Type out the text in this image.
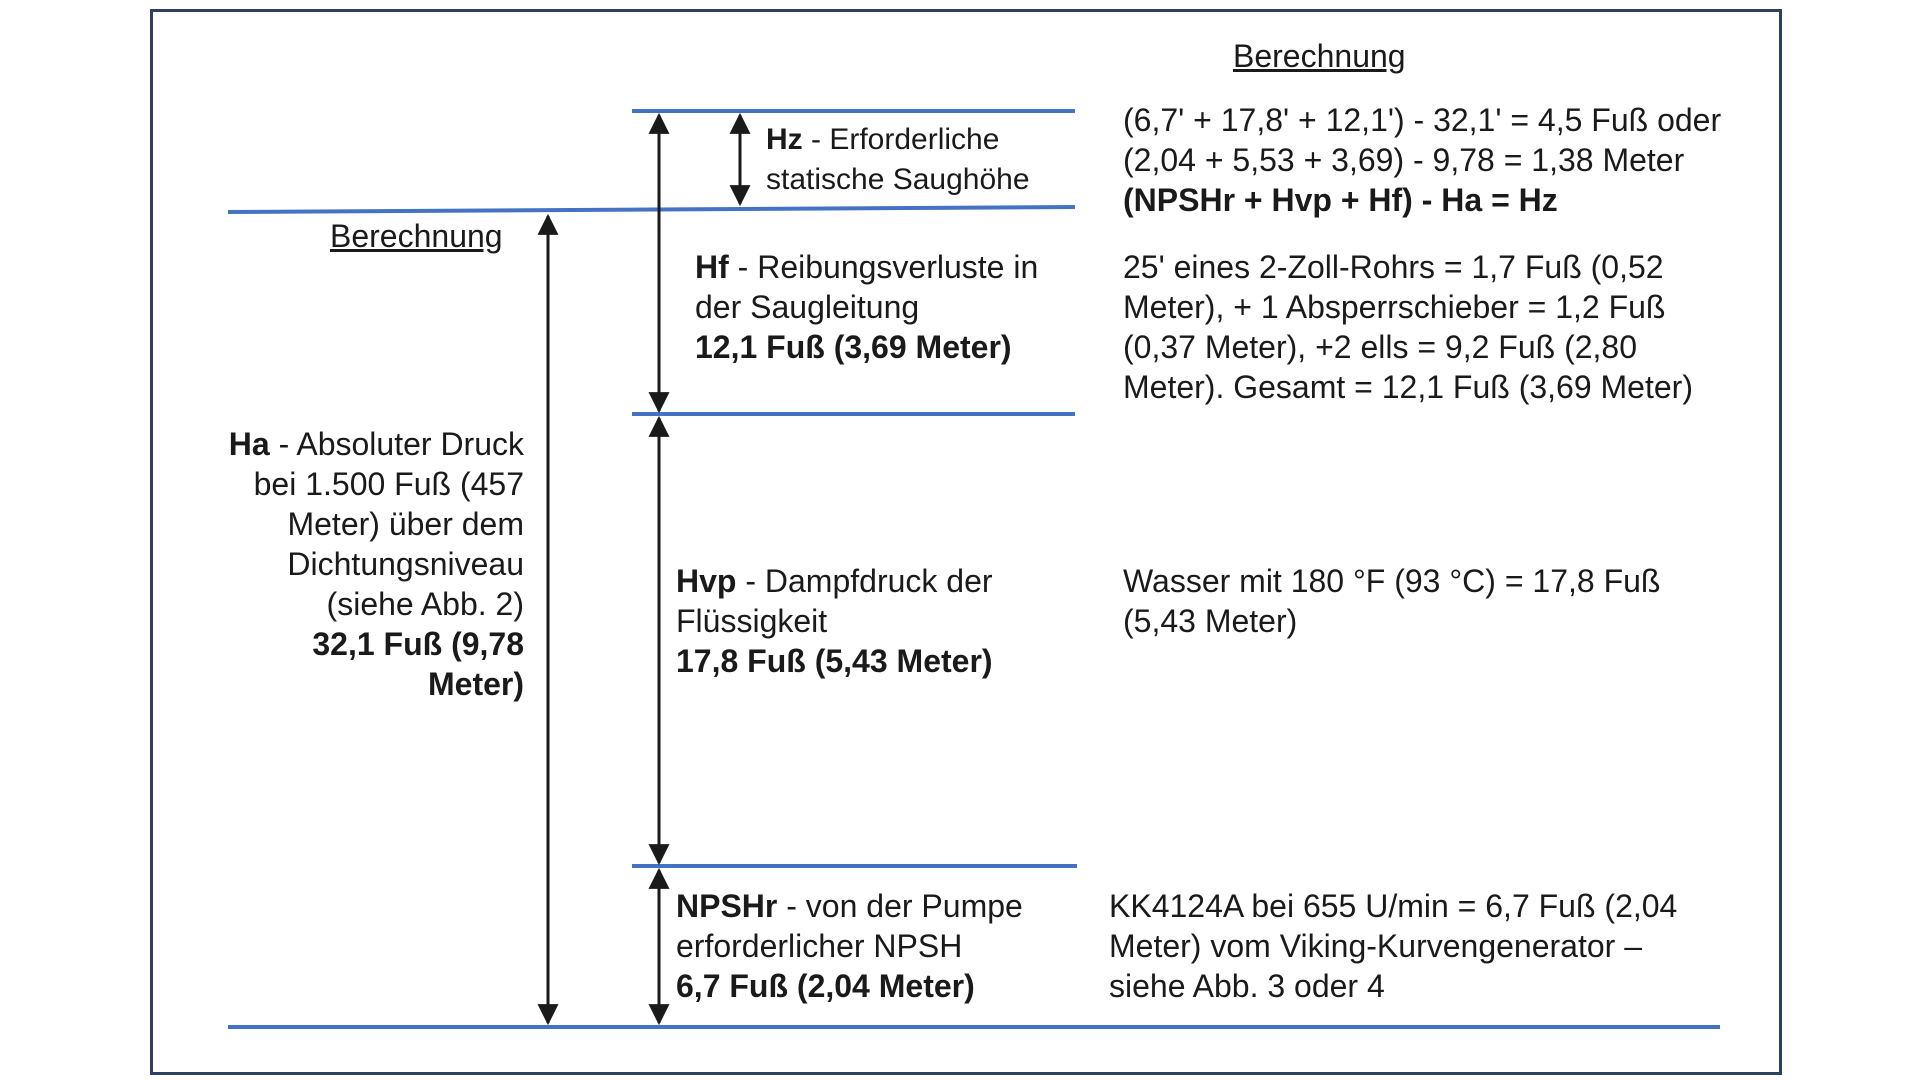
Berechnung
Berechnung
Hz - Erforderliche
statische Saughöhe
(6,7' + 17,8' + 12,1') - 32,1' = 4,5 Fuß oder
(2,04 + 5,53 + 3,69) - 9,78 = 1,38 Meter
(NPSHr + Hvp + Hf) - Ha = Hz
Hf - Reibungsverluste in
der Saugleitung
12,1 Fuß (3,69 Meter)
25' eines 2-Zoll-Rohrs = 1,7 Fuß (0,52
Meter), + 1 Absperrschieber = 1,2 Fuß
(0,37 Meter), +2 ells = 9,2 Fuß (2,80
Meter). Gesamt = 12,1 Fuß (3,69 Meter)
Ha - Absoluter Druck
bei 1.500 Fuß (457
Meter) über dem
Dichtungsniveau
(siehe Abb. 2)
32,1 Fuß (9,78
Meter)
Hvp - Dampfdruck der
Flüssigkeit
17,8 Fuß (5,43 Meter)
Wasser mit 180 °F (93 °C) = 17,8 Fuß
(5,43 Meter)
NPSHr - von der Pumpe
erforderlicher NPSH
6,7 Fuß (2,04 Meter)
KK4124A bei 655 U/min = 6,7 Fuß (2,04
Meter) vom Viking-Kurvengenerator –
siehe Abb. 3 oder 4
